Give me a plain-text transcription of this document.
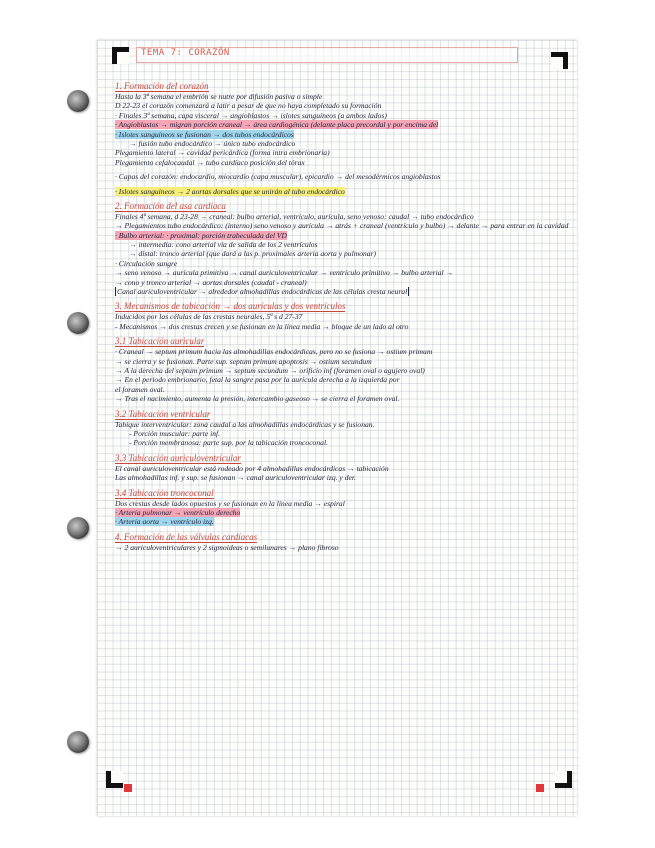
TEMA 7: CORAZÓN
1. Formación del corazón
Hasta la 3ª semana el embrión se nutre por difusión pasiva o simple
D 22-23 el corazón comenzará a latir a pesar de que no haya completado su formación
· Finales 3ª semana, capa visceral → angioblastos → islotes sanguíneos (a ambos lados)
· Angioblastos → migran porción craneal → área cardiogénica (delante placa precordal y por encima del
· Islotes sanguíneos se fusionan → dos tubos endocárdicos
→ fusión tubo endocárdico → único tubo endocárdico
Plegamiento lateral → cavidad pericárdica (forma intra embrionaria)
Plegamiento cefalocaudal → tubo cardíaco posición del tórax
· Capas del corazón: endocardio, miocardio (capa muscular), epicardio → del mesodérmicos angioblastos
· Islotes sanguíneos → 2 aortas dorsales que se unirán al tubo endocárdico
2. Formación del asa cardíaca
Finales 4ª semana, d 23-28 → craneal: bulbo arterial, ventrículo, aurícula, seno venoso: caudal → tubo endocárdico
→ Plegamientos tubo endocárdico: (interno) seno venoso y aurícula → atrás + craneal (ventrículo y bulbo) → delante → para entrar en la cavidad
· Bulbo arterial: · proximal: porción trabeculada del VD
→ intermedia: cono arterial vía de salida de los 2 ventrículos
→ distal: tronco arterial (que dará a las p. proximales arteria aorta y pulmonar)
· Circulación sangre
→ seno venoso → aurícula primitiva → canal auriculoventricular → ventrículo primitivo → bulbo arterial →
→ cono y tronco arterial → aortas dorsales (caudal - craneal)
Canal auriculoventricular → alrededor almohadillas endocárdicas de las células cresta neural
3. Mecanismos de tabicación → dos aurículas y dos ventrículos
Inducidos por las células de las crestas neurales, 5ª s d 27-37
- Mecanismos → dos crestas crecen y se fusionan en la línea media → bloque de un lado al otro
3.1 Tabicación auricular
· Craneal → septum primum hacia las almohadillas endocárdicas, pero no se fusiona → ostium primum
→ se cierra y se fusionan. Parte sup. septum primum apoptosis → ostium secundum
→ A la derecha del septum primum → septum secundum → orificio inf (foramen oval o agujero oval)
→ En el periodo embrionario, fetal la sangre pasa por la aurícula derecha a la izquierda por
el foramen oval.
→ Tras el nacimiento, aumenta la presión, intercambio gaseoso → se cierra el foramen oval.
3.2 Tabicación ventricular
Tabique interventricular: zona caudal a las almohadillas endocárdicas y se fusionan.
- Porción muscular: parte inf.
- Porción membranosa: parte sup. por la tabicación troncoconal.
3.3 Tabicación auriculoventricular
El canal auriculoventricular está rodeado por 4 almohadillas endocárdicas → tabicación
Las almohadillas inf. y sup. se fusionan → canal auriculoventricular izq. y der.
3.4 Tabicación troncoconal
Dos crestas desde lados opuestos y se fusionan en la línea media → espiral
· Arteria pulmonar → ventrículo derecho
· Arteria aorta → ventrículo izq.
4. Formación de las válvulas cardíacas
→ 2 auriculoventriculares y 2 sigmoideas o semilunares → plano fibroso
